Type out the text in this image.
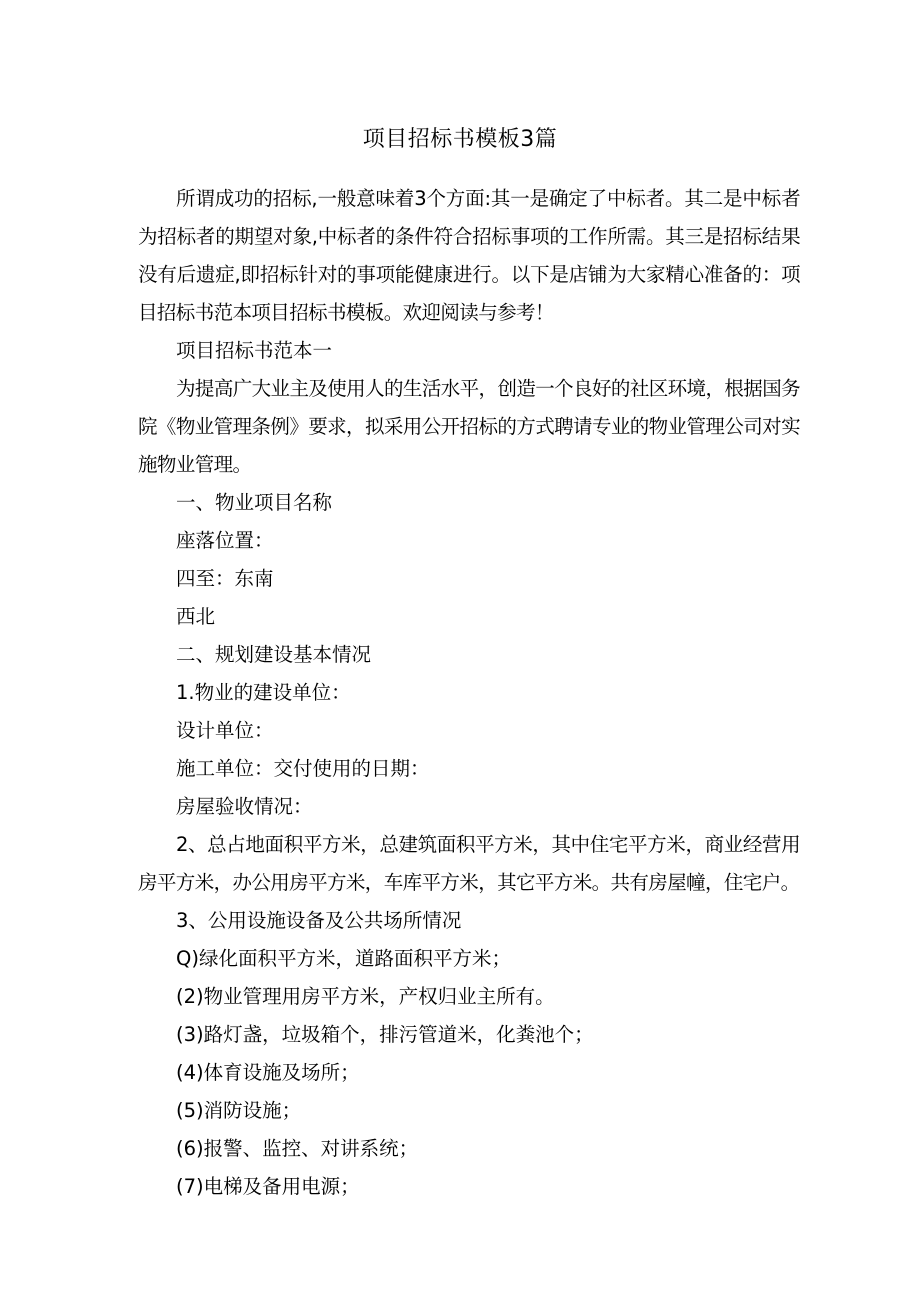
项目招标书模板3篇

所谓成功的招标,一般意味着3个方面:其一是确定了中标者。其二是中标者为招标者的期望对象,中标者的条件符合招标事项的工作所需。其三是招标结果没有后遗症,即招标针对的事项能健康进行。以下是店铺为大家精心准备的：项目招标书范本项目招标书模板。欢迎阅读与参考！

项目招标书范本一

为提高广大业主及使用人的生活水平，创造一个良好的社区环境，根据国务院《物业管理条例》要求，拟采用公开招标的方式聘请专业的物业管理公司对实施物业管理。

一、物业项目名称

座落位置：

四至：东南

西北

二、规划建设基本情况

1.物业的建设单位：

设计单位：

施工单位：交付使用的日期：

房屋验收情况：

2、总占地面积平方米，总建筑面积平方米，其中住宅平方米，商业经营用房平方米，办公用房平方米，车库平方米，其它平方米。共有房屋幢，住宅户。

3、公用设施设备及公共场所情况

Q)绿化面积平方米，道路面积平方米；

(2)物业管理用房平方米，产权归业主所有。

(3)路灯盏，垃圾箱个，排污管道米，化粪池个；

(4)体育设施及场所；

(5)消防设施；

(6)报警、监控、对讲系统；

(7)电梯及备用电源；
